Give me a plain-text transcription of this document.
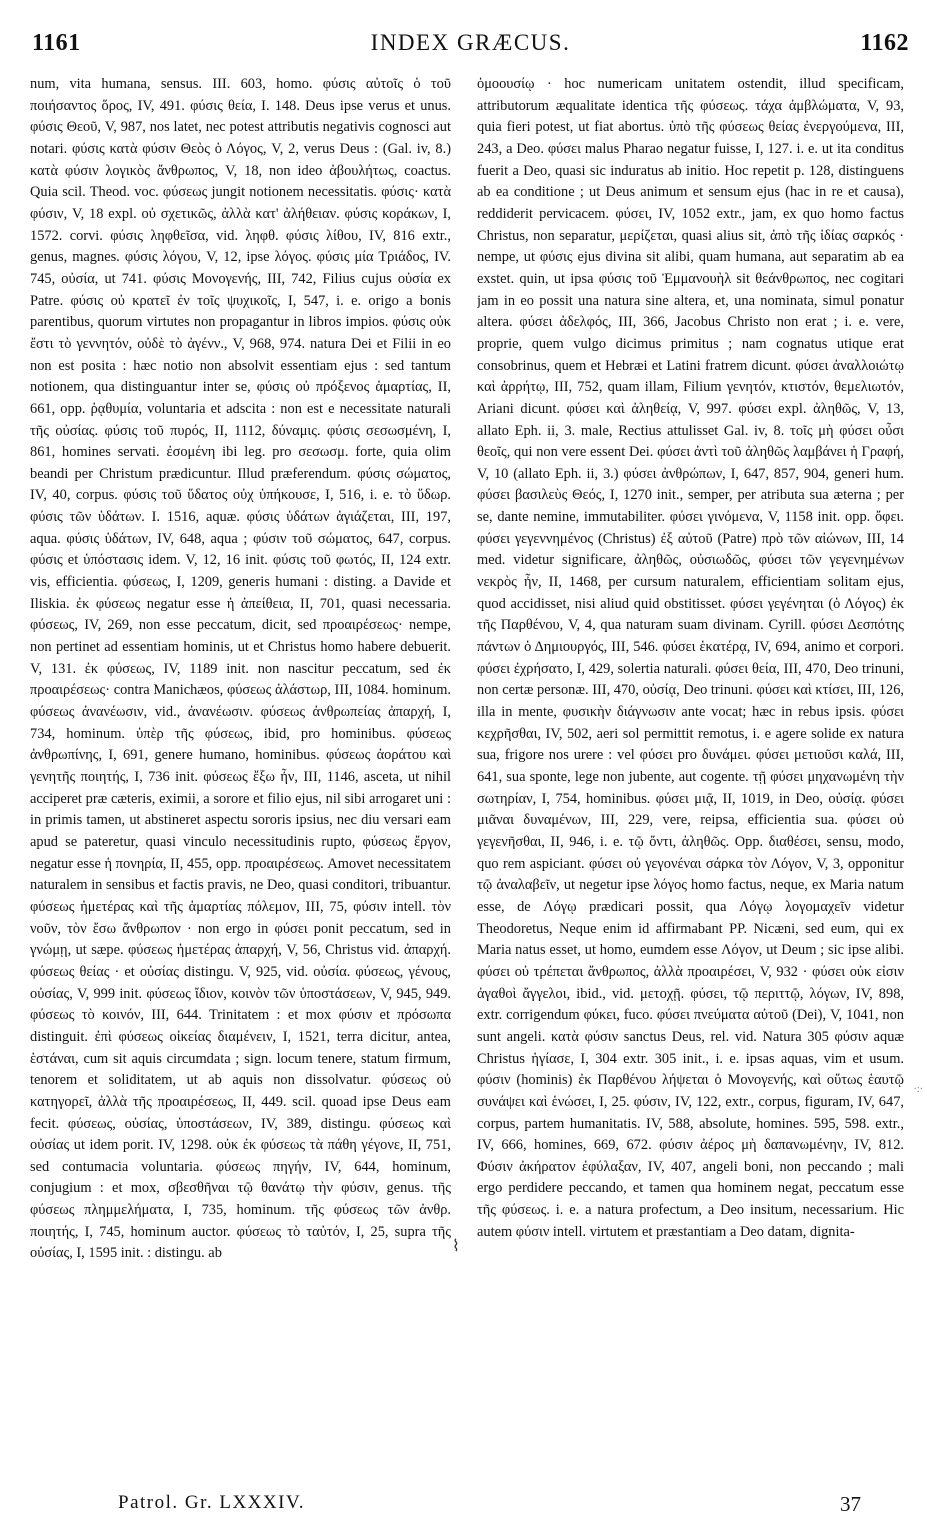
1161	INDEX GRÆCUS.	1162

num, vita humana, sensus. III. 603, homo. φύσις αὐτοῖς ὁ τοῦ ποιήσαντος ὅρος, IV, 491. φύσις θεία, I. 148. Deus ipse verus et unus. φύσις Θεοῦ, V, 987, nos latet, nec potest attributis negativis cognosci aut notari. φύσις κατὰ φύσιν Θεὸς ὁ Λόγος, V, 2, verus Deus : (Gal. iv, 8.) κατὰ φύσιν λογικὸς ἄνθρωπος, V, 18, non ideo ἀβουλήτως, coactus. Quia scil. Theod. voc. φύσεως jungit notionem necessitatis. φύσις· κατὰ φύσιν, V, 18 expl. οὐ σχετικῶς, ἀλλὰ κατ' ἀλήθειαν. φύσις κοράκων, I, 1572. corvi. φύσις ληφθεῖσα, vid. ληφθ. φύσις λίθου, IV, 816 extr., genus, magnes. φύσις λόγου, V, 12, ipse λόγος. φύσις μία Τριάδος, IV. 745, οὐσία, ut 741. φύσις Μονογενής, III, 742, Filius cujus οὐσία ex Patre. φύσις οὐ κρατεῖ ἐν τοῖς ψυχικοῖς, I, 547, i. e. origo a bonis parentibus, quorum virtutes non propagantur in libros impios. φύσις οὐκ ἔστι τὸ γεννητόν, οὐδὲ τὸ ἀγένν., V, 968, 974. natura Dei et Filii in eo non est posita : hæc notio non absolvit essentiam ejus : sed tantum notionem, qua distinguantur inter se, φύσις οὐ πρόξενος ἁμαρτίας, II, 661, opp. ῥᾳθυμία, voluntaria et adscita : non est e necessitate naturali τῆς οὐσίας. φύσις τοῦ πυρός, II, 1112, δύναμις. φύσις σεσωσμένη, I, 861, homines servati. ἐσομένη ibi leg. pro σεσωσμ. forte, quia olim beandi per Christum prædicuntur. Illud præferendum. φύσις σώματος, IV, 40, corpus. φύσις τοῦ ὕδατος οὐχ ὑπήκουσε, I, 516, i. e. τὸ ὕδωρ. φύσις τῶν ὑδάτων. I. 1516, aquæ. φύσις ὑδάτων ἁγιάζεται, III, 197, aqua. φύσις ὑδάτων, IV, 648, aqua ; φύσιν τοῦ σώματος, 647, corpus. φύσις et ὑπόστασις idem. V, 12, 16 init. φύσις τοῦ φωτός, II, 124 extr. vis, efficientia. φύσεως, I, 1209, generis humani : disting. a Davide et Iliskia. ἐκ φύσεως negatur esse ἡ ἀπείθεια, II, 701, quasi necessaria. φύσεως, IV, 269, non esse peccatum, dicit, sed προαιρέσεως· nempe, non pertinet ad essentiam hominis, ut et Christus homo habere debuerit. V, 131. ἐκ φύσεως, IV, 1189 init. non nascitur peccatum, sed ἐκ προαιρέσεως· contra Manichæos, φύσεως ἀλάστωρ, III, 1084. hominum. φύσεως ἀνανέωσιν, vid., ἀνανέωσιν. φύσεως ἀνθρωπείας ἀπαρχή, I, 734, hominum. ὑπὲρ τῆς φύσεως, ibid, pro hominibus. φύσεως ἀνθρωπίνης, I, 691, genere humano, hominibus. φύσεως ἀοράτου καὶ γενητῆς ποιητής, I, 736 init. φύσεως ἔξω ἦν, III, 1146, asceta, ut nihil acciperet præ cæteris, eximii, a sorore et filio ejus, nil sibi arrogaret uni : in primis tamen, ut abstineret aspectu sororis ipsius, nec diu versari eam apud se pateretur, quasi vinculo necessitudinis rupto, φύσεως ἔργον, negatur esse ἡ πονηρία, II, 455, opp. προαιρέσεως. Amovet necessitatem naturalem in sensibus et factis pravis, ne Deo, quasi conditori, tribuantur. φύσεως ἡμετέρας καὶ τῆς ἁμαρτίας πόλεμον, III, 75, φύσιν intell. τὸν νοῦν, τὸν ἔσω ἄνθρωπον · non ergo in φύσει ponit peccatum, sed in γνώμῃ, ut sæpe. φύσεως ἡμετέρας ἀπαρχή, V, 56, Christus vid. ἀπαρχή. φύσεως θείας · et οὐσίας distingu. V, 925, vid. οὐσία. φύσεως, γένους, οὐσίας, V, 999 init. φύσεως ἴδιον, κοινὸν τῶν ὑποστάσεων, V, 945, 949. φύσεως τὸ κοινόν, III, 644. Trinitatem : et mox φύσιν et πρόσωπα distinguit. ἐπὶ φύσεως οἰκείας διαμένειν, I, 1521, terra dicitur, antea, ἑστάναι, cum sit aquis circumdata ; sign. locum tenere, statum firmum, tenorem et soliditatem, ut ab aquis non dissolvatur. φύσεως οὐ κατηγορεῖ, ἀλλὰ τῆς προαιρέσεως, II, 449. scil. quoad ipse Deus eam fecit. φύσεως, οὐσίας, ὑποστάσεων, IV, 389, distingu. φύσεως καὶ οὐσίας ut idem porit. IV, 1298. οὐκ ἐκ φύσεως τὰ πάθη γέγονε, II, 751, sed contumacia voluntaria. φύσεως πηγήν, IV, 644, hominum, conjugium : et mox, σβεσθῆναι τῷ θανάτῳ τὴν φύσιν, genus. τῆς φύσεως πλημμελήματα, I, 735, hominum. τῆς φύσεως τῶν ἀνθρ. ποιητής, I, 745, hominum auctor. φύσεως τὸ ταὐτόν, I, 25, supra τῆς οὐσίας, I, 1595 init. : distingu. ab

ὁμοουσίῳ · hoc numericam unitatem ostendit, illud specificam, attributorum æqualitate identica τῆς φύσεως. τάχα ἀμβλώματα, V, 93, quia fieri potest, ut fiat abortus. ὑπὸ τῆς φύσεως θείας ἐνεργούμενα, III, 243, a Deo. φύσει malus Pharao negatur fuisse, I, 127. i. e. ut ita conditus fuerit a Deo, quasi sic induratus ab initio. Hoc repetit p. 128, distinguens ab ea conditione ; ut Deus animum et sensum ejus (hac in re et causa), reddiderit pervicacem. φύσει, IV, 1052 extr., jam, ex quo homo factus Christus, non separatur, μερίζεται, quasi alius sit, ἀπὸ τῆς ἰδίας σαρκός · nempe, ut φύσις ejus divina sit alibi, quam humana, aut separatim ab ea exstet. quin, ut ipsa φύσις τοῦ Ἐμμανουὴλ sit θεάνθρωπος, nec cogitari jam in eo possit una natura sine altera, et, una nominata, simul ponatur altera. φύσει ἀδελφός, III, 366, Jacobus Christo non erat ; i. e. vere, proprie, quem vulgo dicimus primitus ; nam cognatus utique erat consobrinus, quem et Hebræi et Latini fratrem dicunt. φύσει ἀναλλοιώτῳ καὶ ἀρρήτῳ, III, 752, quam illam, Filium γενητόν, κτιστόν, θεμελιωτόν, Ariani dicunt. φύσει καὶ ἀληθείᾳ, V, 997. φύσει expl. ἀληθῶς, V, 13, allato Eph. ii, 3. male, Rectius attulisset Gal. iv, 8. τοῖς μὴ φύσει οὖσι θεοῖς, qui non vere essent Dei. φύσει ἀντὶ τοῦ ἀληθῶς λαμβάνει ἡ Γραφή, V, 10 (allato Eph. ii, 3.) φύσει ἀνθρώπων, I, 647, 857, 904, generi hum. φύσει βασιλεὺς Θεός, I, 1270 init., semper, per atributa sua æterna ; per se, dante nemine, immutabiliter. φύσει γινόμενα, V, 1158 init. opp. ὄφει. φύσει γεγεννημένος (Christus) ἐξ αὐτοῦ (Patre) πρὸ τῶν αἰώνων, III, 14 med. videtur significare, ἀληθῶς, οὐσιωδῶς, φύσει τῶν γεγενημένων νεκρὸς ἦν, II, 1468, per cursum naturalem, efficientiam solitam ejus, quod accidisset, nisi aliud quid obstitisset. φύσει γεγένηται (ὁ Λόγος) ἐκ τῆς Παρθένου, V, 4, qua naturam suam divinam. Cyrill. φύσει Δεσπότης πάντων ὁ Δημιουργός, III, 546. φύσει ἑκατέρᾳ, IV, 694, animo et corpori. φύσει ἐχρήσατο, I, 429, solertia naturali. φύσει θεία, III, 470, Deo trinuni, non certæ personæ. III, 470, οὐσίᾳ, Deo trinuni. φύσει καὶ κτίσει, III, 126, illa in mente, φυσικὴν διάγνωσιν ante vocat; hæc in rebus ipsis. φύσει κεχρῆσθαι, IV, 502, aeri sol permittit remotus, i. e agere solide ex natura sua, frigore nos urere : vel φύσει pro δυνάμει. φύσει μετιοῦσι καλά, III, 641, sua sponte, lege non jubente, aut cogente. τῇ φύσει μηχανωμένη τὴν σωτηρίαν, I, 754, hominibus. φύσει μιᾷ, II, 1019, in Deo, οὐσίᾳ. φύσει μιᾶναι δυναμένων, III, 229, vere, reipsa, efficientia sua. φύσει οὐ γεγενῆσθαι, II, 946, i. e. τῷ ὄντι, ἀληθῶς. Opp. διαθέσει, sensu, modo, quo rem aspiciant. φύσει οὐ γεγονέναι σάρκα τὸν Λόγον, V, 3, opponitur τῷ ἀναλαβεῖν, ut negetur ipse λόγος homo factus, neque, ex Maria natum esse, de Λόγῳ prædicari possit, qua Λόγῳ λογομαχεῖν videtur Theodoretus, Neque enim id affirmabant PP. Nicæni, sed eum, qui ex Maria natus esset, ut homo, eumdem esse Λόγον, ut Deum ; sic ipse alibi. φύσει οὐ τρέπεται ἄνθρωπος, ἀλλὰ προαιρέσει, V, 932 · φύσει οὐκ εἰσιν ἀγαθοὶ ἄγγελοι, ibid., vid. μετοχῇ. φύσει, τῷ περιττῷ, λόγων, IV, 898, extr. corrigendum φύκει, fuco. φύσει πνεύματα αὐτοῦ (Dei), V, 1041, non sunt angeli. κατὰ φύσιν sanctus Deus, rel. vid. Natura 305 φύσιν aquæ Christus ἡγίασε, I, 304 extr. 305 init., i. e. ipsas aquas, vim et usum. φύσιν (hominis) ἐκ Παρθένου λήψεται ὁ Μονογενής, καὶ οὕτως ἑαυτῷ συνάψει καὶ ἑνώσει, I, 25. φύσιν, IV, 122, extr., corpus, figuram, IV, 647, corpus, partem humanitatis. IV, 588, absolute, homines. 595, 598. extr., IV, 666, homines, 669, 672. φύσιν ἀέρος μὴ δαπανωμένην, IV, 812. Φύσιν ἀκήρατον ἐφύλαξαν, IV, 407, angeli boni, non peccando ; mali ergo perdidere peccando, et tamen qua hominem negat, peccatum esse τῆς φύσεως. i. e. a natura profectum, a Deo insitum, necessarium. Hic autem φύσιν intell. virtutem et præstantiam a Deo datam, dignita-

⌇
·:·
Patrol. Gr. LXXXIV.	37
